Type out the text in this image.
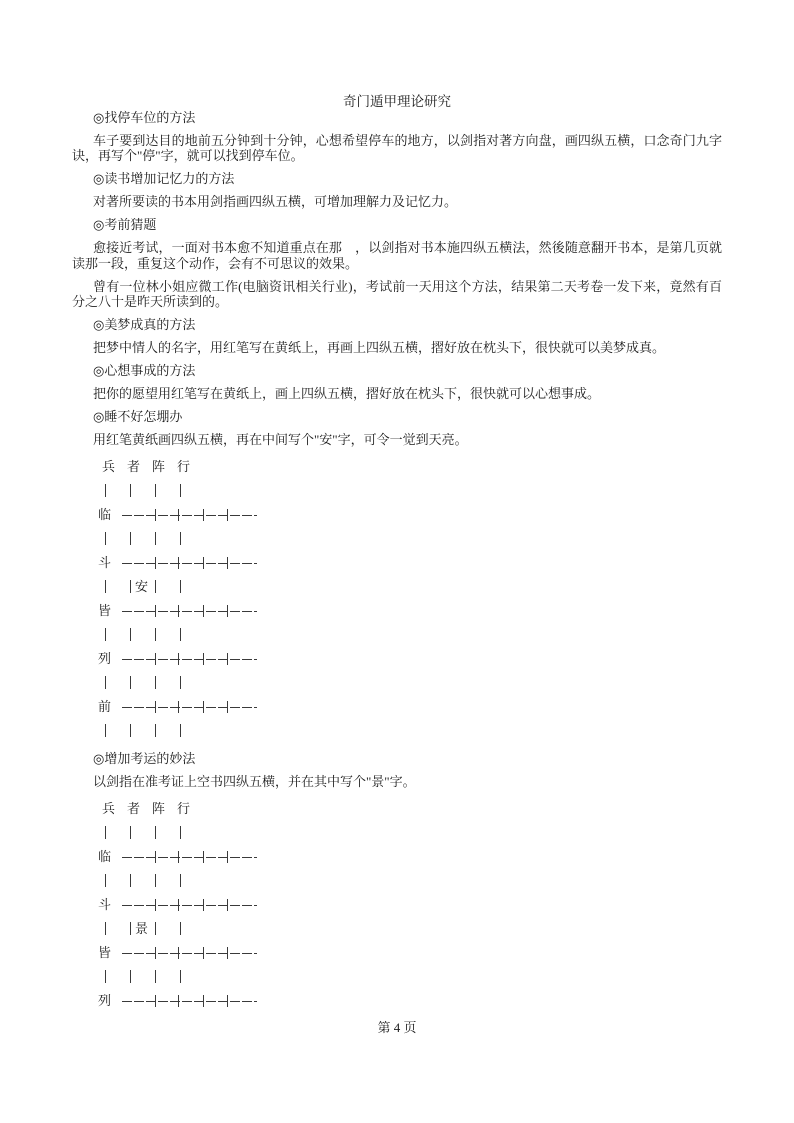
奇门遁甲理论研究
◎找停车位的方法

车子要到达目的地前五分钟到十分钟，心想希望停车的地方，以剑指对著方向盘，画四纵五横，口念奇门九字诀，再写个"停"字，就可以找到停车位。

◎读书增加记忆力的方法

对著所要读的书本用剑指画四纵五横，可增加理解力及记忆力。

◎考前猜题

愈接近考试，一面对书本愈不知道重点在那　，以剑指对书本施四纵五横法，然後随意翻开书本，是第几页就读那一段，重复这个动作，会有不可思议的效果。

曾有一位林小姐应微工作(电脑资讯相关行业)，考试前一天用这个方法，结果第二天考卷一发下来，竟然有百分之八十是昨天所读到的。

◎美梦成真的方法

把梦中情人的名字，用红笔写在黄纸上，再画上四纵五横，摺好放在枕头下，很快就可以美梦成真。

◎心想事成的方法

把你的愿望用红笔写在黄纸上，画上四纵五横，摺好放在枕头下，很快就可以心想事成。

◎睡不好怎堋办

用红笔黄纸画四纵五横，再在中间写个"安"字，可令一觉到天亮。

兵 者 阵 行
临
斗
安
皆
列
前
◎增加考运的妙法

以剑指在准考证上空书四纵五横，并在其中写个"景"字。

兵 者 阵 行
临
斗
景
皆
列
第 4 页
